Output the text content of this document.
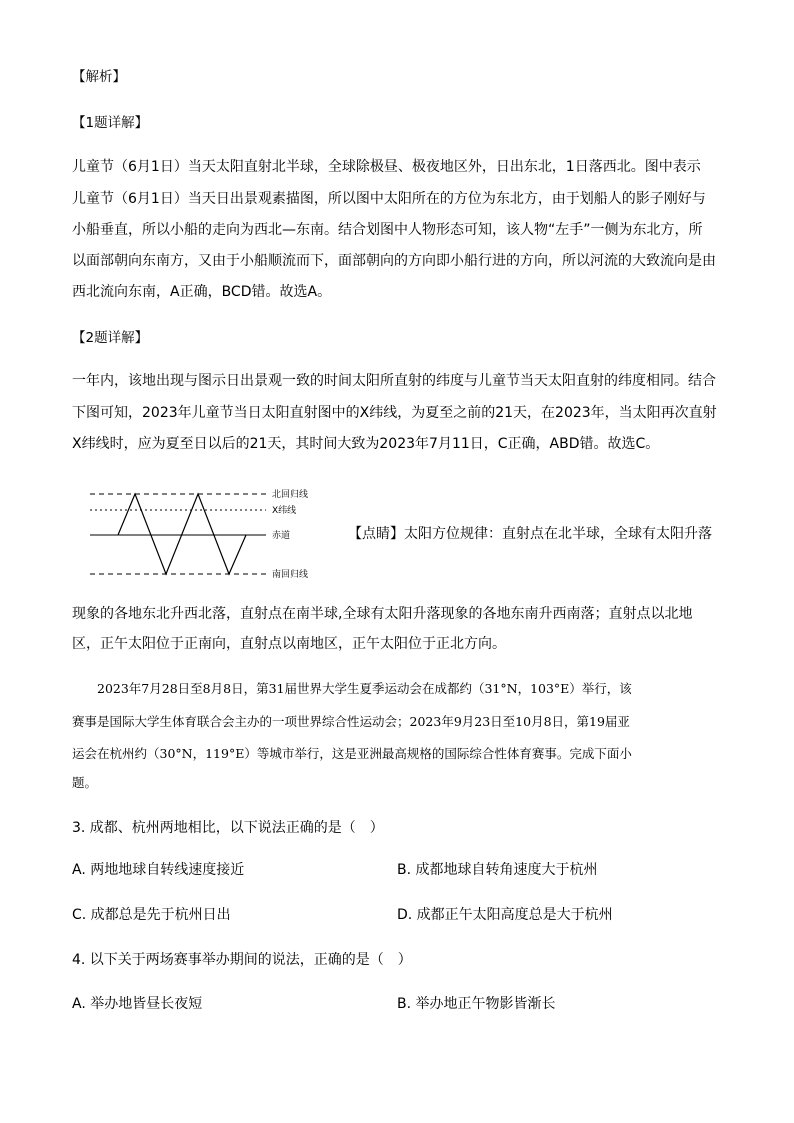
【解析】
【1题详解】
儿童节（6月1日）当天太阳直射北半球，全球除极昼、极夜地区外，日出东北，1日落西北。图中表示
儿童节（6月1日）当天日出景观素描图，所以图中太阳所在的方位为东北方，由于划船人的影子刚好与
小船垂直，所以小船的走向为西北—东南。结合划图中人物形态可知，该人物“左手”一侧为东北方，所
以面部朝向东南方，又由于小船顺流而下，面部朝向的方向即小船行进的方向，所以河流的大致流向是由
西北流向东南，A正确，BCD错。故选A。
【2题详解】
一年内，该地出现与图示日出景观一致的时间太阳所直射的纬度与儿童节当天太阳直射的纬度相同。结合
下图可知，2023年儿童节当日太阳直射图中的X纬线，为夏至之前的21天，在2023年，当太阳再次直射
X纬线时，应为夏至日以后的21天，其时间大致为2023年7月11日，C正确，ABD错。故选C。
北回归线
X纬线
赤道
南回归线
【点睛】太阳方位规律：直射点在北半球，全球有太阳升落
现象的各地东北升西北落，直射点在南半球,全球有太阳升落现象的各地东南升西南落；直射点以北地
区，正午太阳位于正南向，直射点以南地区，正午太阳位于正北方向。
　　2023年7月28日至8月8日，第31届世界大学生夏季运动会在成都约（31°N，103°E）举行，该
赛事是国际大学生体育联合会主办的一项世界综合性运动会；2023年9月23日至10月8日，第19届亚
运会在杭州约（30°N，119°E）等城市举行，这是亚洲最高规格的国际综合性体育赛事。完成下面小
题。
3. 成都、杭州两地相比，以下说法正确的是（　）
A. 两地地球自转线速度接近	B. 成都地球自转角速度大于杭州
C. 成都总是先于杭州日出	D. 成都正午太阳高度总是大于杭州
4. 以下关于两场赛事举办期间的说法，正确的是（　）
A. 举办地皆昼长夜短	B. 举办地正午物影皆渐长
